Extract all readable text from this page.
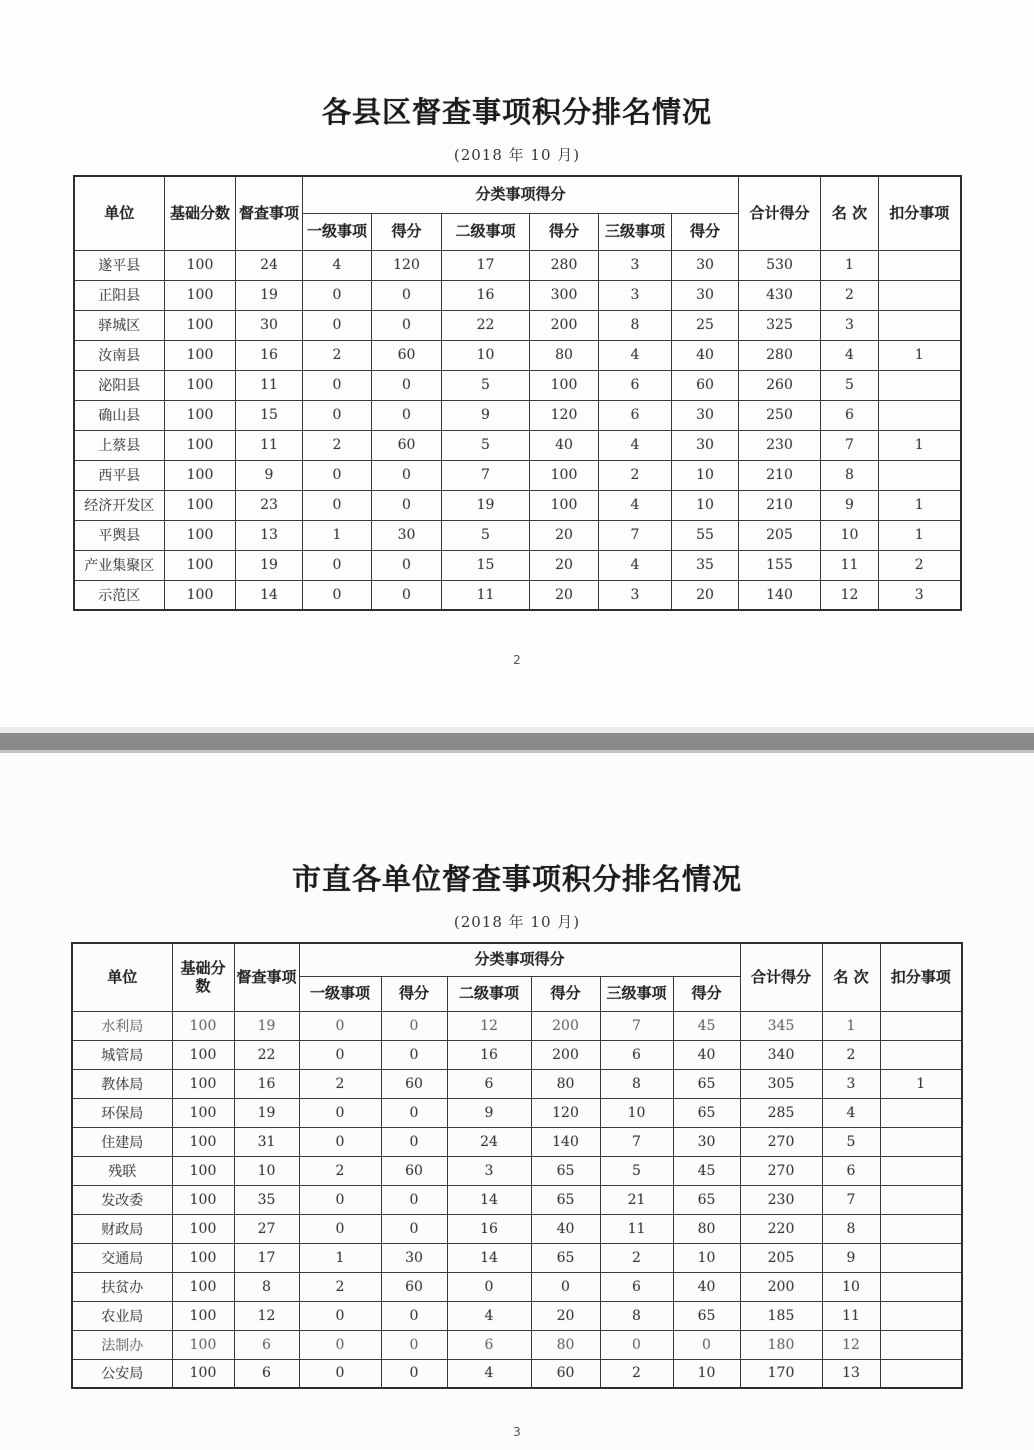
各县区督查事项积分排名情况
(2018 年 10 月)
单位	基础分数	督查事项	分类事项得分						合计得分	名 次	扣分事项
			一级事项	得分	二级事项	得分	三级事项	得分			
遂平县	100	24	4	120	17	280	3	30	530	1	
正阳县	100	19	0	0	16	300	3	30	430	2	
驿城区	100	30	0	0	22	200	8	25	325	3	
汝南县	100	16	2	60	10	80	4	40	280	4	1
泌阳县	100	11	0	0	5	100	6	60	260	5	
确山县	100	15	0	0	9	120	6	30	250	6	
上蔡县	100	11	2	60	5	40	4	30	230	7	1
西平县	100	9	0	0	7	100	2	10	210	8	
经济开发区	100	23	0	0	19	100	4	10	210	9	1
平舆县	100	13	1	30	5	20	7	55	205	10	1
产业集聚区	100	19	0	0	15	20	4	35	155	11	2
示范区	100	14	0	0	11	20	3	20	140	12	3
2
市直各单位督查事项积分排名情况
(2018 年 10 月)
单位	基础分数	督查事项	分类事项得分						合计得分	名 次	扣分事项
			一级事项	得分	二级事项	得分	三级事项	得分			
水利局	100	19	0	0	12	200	7	45	345	1	
城管局	100	22	0	0	16	200	6	40	340	2	
教体局	100	16	2	60	6	80	8	65	305	3	1
环保局	100	19	0	0	9	120	10	65	285	4	
住建局	100	31	0	0	24	140	7	30	270	5	
残联	100	10	2	60	3	65	5	45	270	6	
发改委	100	35	0	0	14	65	21	65	230	7	
财政局	100	27	0	0	16	40	11	80	220	8	
交通局	100	17	1	30	14	65	2	10	205	9	
扶贫办	100	8	2	60	0	0	6	40	200	10	
农业局	100	12	0	0	4	20	8	65	185	11	
法制办	100	6	0	0	6	80	0	0	180	12	
公安局	100	6	0	0	4	60	2	10	170	13	
3
